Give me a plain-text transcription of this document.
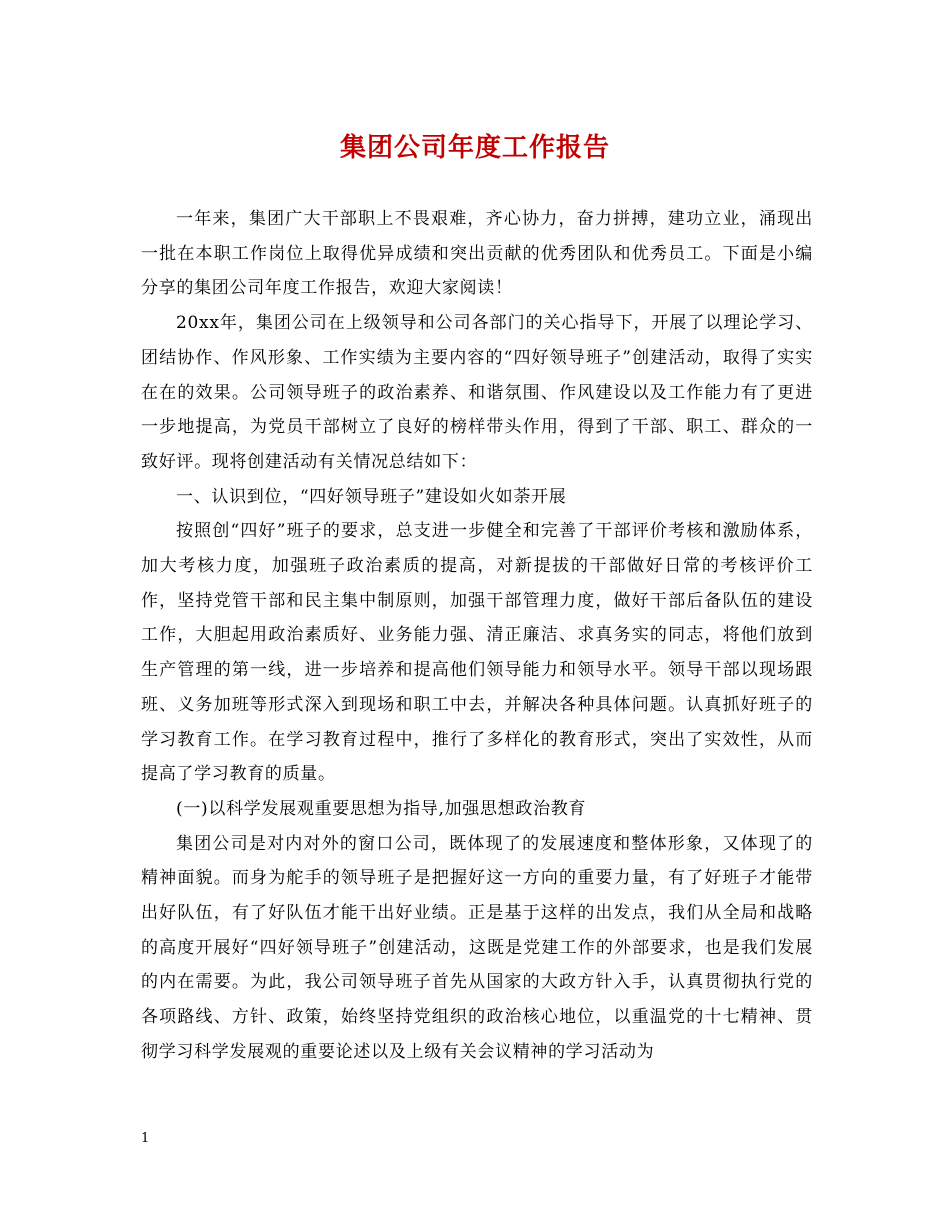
集团公司年度工作报告

一年来，集团广大干部职上不畏艰难，齐心协力，奋力拼搏，建功立业，涌现出一批在本职工作岗位上取得优异成绩和突出贡献的优秀团队和优秀员工。下面是小编分享的集团公司年度工作报告，欢迎大家阅读！

20xx年，集团公司在上级领导和公司各部门的关心指导下，开展了以理论学习、团结协作、作风形象、工作实绩为主要内容的“四好领导班子”创建活动，取得了实实在在的效果。公司领导班子的政治素养、和谐氛围、作风建设以及工作能力有了更进一步地提高，为党员干部树立了良好的榜样带头作用，得到了干部、职工、群众的一致好评。现将创建活动有关情况总结如下：

一、认识到位，“四好领导班子”建设如火如荼开展

按照创“四好”班子的要求，总支进一步健全和完善了干部评价考核和激励体系，加大考核力度，加强班子政治素质的提高，对新提拔的干部做好日常的考核评价工作，坚持党管干部和民主集中制原则，加强干部管理力度，做好干部后备队伍的建设工作，大胆起用政治素质好、业务能力强、清正廉洁、求真务实的同志，将他们放到生产管理的第一线，进一步培养和提高他们领导能力和领导水平。领导干部以现场跟班、义务加班等形式深入到现场和职工中去，并解决各种具体问题。认真抓好班子的学习教育工作。在学习教育过程中，推行了多样化的教育形式，突出了实效性，从而提高了学习教育的质量。

(一)以科学发展观重要思想为指导,加强思想政治教育

集团公司是对内对外的窗口公司，既体现了的发展速度和整体形象，又体现了的精神面貌。而身为舵手的领导班子是把握好这一方向的重要力量，有了好班子才能带出好队伍，有了好队伍才能干出好业绩。正是基于这样的出发点，我们从全局和战略的高度开展好“四好领导班子”创建活动，这既是党建工作的外部要求，也是我们发展的内在需要。为此，我公司领导班子首先从国家的大政方针入手，认真贯彻执行党的各项路线、方针、政策，始终坚持党组织的政治核心地位，以重温党的十七精神、贯彻学习科学发展观的重要论述以及上级有关会议精神的学习活动为

1
